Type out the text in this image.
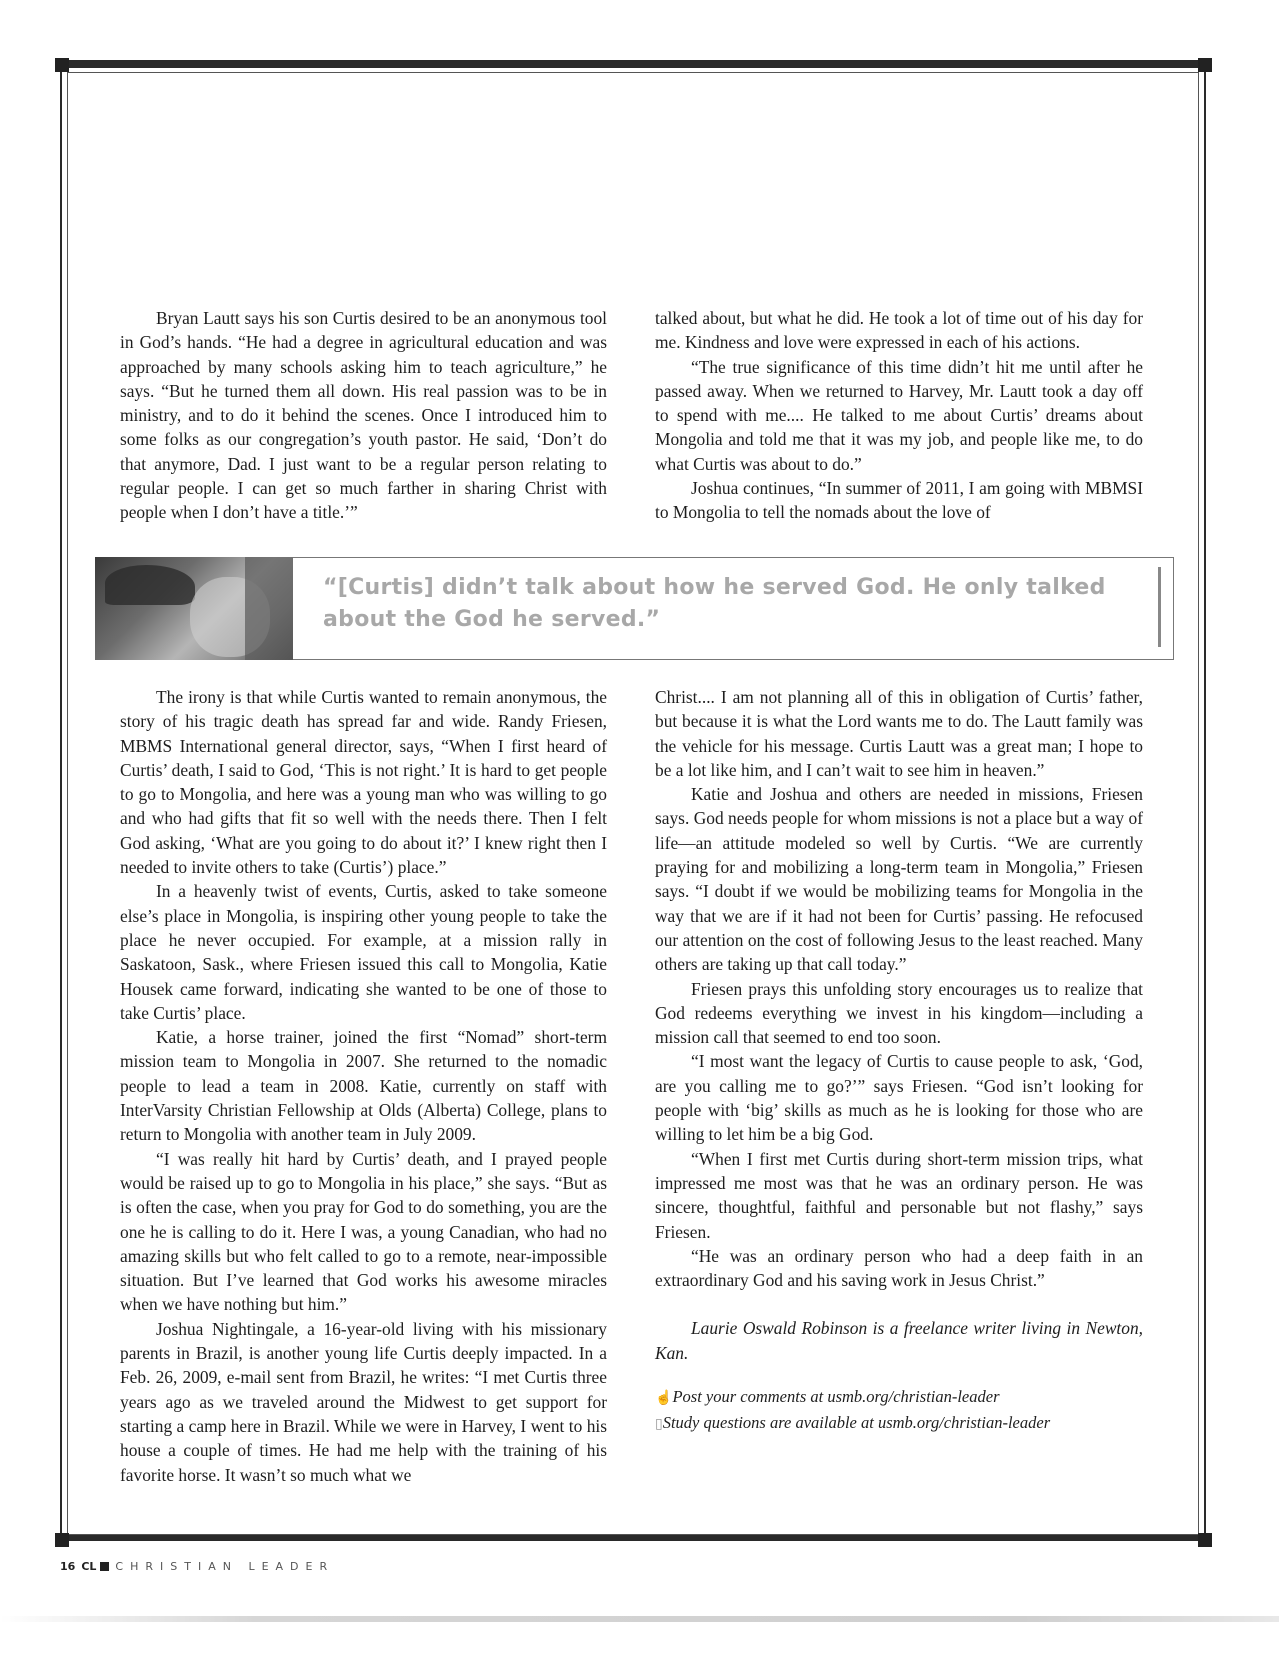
Bryan Lautt says his son Curtis desired to be an anonymous tool in God’s hands. “He had a degree in agricultural education and was approached by many schools asking him to teach agriculture,” he says. “But he turned them all down. His real passion was to be in ministry, and to do it behind the scenes. Once I introduced him to some folks as our congregation’s youth pastor. He said, ‘Don’t do that anymore, Dad. I just want to be a regular person relating to regular people. I can get so much farther in sharing Christ with people when I don’t have a title.’”

talked about, but what he did. He took a lot of time out of his day for me. Kindness and love were expressed in each of his actions.

“The true significance of this time didn’t hit me until after he passed away. When we returned to Harvey, Mr. Lautt took a day off to spend with me.... He talked to me about Curtis’ dreams about Mongolia and told me that it was my job, and people like me, to do what Curtis was about to do.”

Joshua continues, “In summer of 2011, I am going with MBMSI to Mongolia to tell the nomads about the love of

“[Curtis] didn’t talk about how he served God. He only talked about the God he served.”

The irony is that while Curtis wanted to remain anonymous, the story of his tragic death has spread far and wide. Randy Friesen, MBMS International general director, says, “When I first heard of Curtis’ death, I said to God, ‘This is not right.’ It is hard to get people to go to Mongolia, and here was a young man who was willing to go and who had gifts that fit so well with the needs there. Then I felt God asking, ‘What are you going to do about it?’ I knew right then I needed to invite others to take (Curtis’) place.”

In a heavenly twist of events, Curtis, asked to take someone else’s place in Mongolia, is inspiring other young people to take the place he never occupied. For example, at a mission rally in Saskatoon, Sask., where Friesen issued this call to Mongolia, Katie Housek came forward, indicating she wanted to be one of those to take Curtis’ place.

Katie, a horse trainer, joined the first “Nomad” short-term mission team to Mongolia in 2007. She returned to the nomadic people to lead a team in 2008. Katie, currently on staff with InterVarsity Christian Fellowship at Olds (Alberta) College, plans to return to Mongolia with another team in July 2009.

“I was really hit hard by Curtis’ death, and I prayed people would be raised up to go to Mongolia in his place,” she says. “But as is often the case, when you pray for God to do something, you are the one he is calling to do it. Here I was, a young Canadian, who had no amazing skills but who felt called to go to a remote, near-impossible situation. But I’ve learned that God works his awesome miracles when we have nothing but him.”

Joshua Nightingale, a 16-year-old living with his missionary parents in Brazil, is another young life Curtis deeply impacted. In a Feb. 26, 2009, e-mail sent from Brazil, he writes: “I met Curtis three years ago as we traveled around the Midwest to get support for starting a camp here in Brazil. While we were in Harvey, I went to his house a couple of times. He had me help with the training of his favorite horse. It wasn’t so much what we

Christ.... I am not planning all of this in obligation of Curtis’ father, but because it is what the Lord wants me to do. The Lautt family was the vehicle for his message. Curtis Lautt was a great man; I hope to be a lot like him, and I can’t wait to see him in heaven.”

Katie and Joshua and others are needed in missions, Friesen says. God needs people for whom missions is not a place but a way of life—an attitude modeled so well by Curtis. “We are currently praying for and mobilizing a long-term team in Mongolia,” Friesen says. “I doubt if we would be mobilizing teams for Mongolia in the way that we are if it had not been for Curtis’ passing. He refocused our attention on the cost of following Jesus to the least reached. Many others are taking up that call today.”

Friesen prays this unfolding story encourages us to realize that God redeems everything we invest in his kingdom—including a mission call that seemed to end too soon.

“I most want the legacy of Curtis to cause people to ask, ‘God, are you calling me to go?’” says Friesen. “God isn’t looking for people with ‘big’ skills as much as he is looking for those who are willing to let him be a big God.

“When I first met Curtis during short-term mission trips, what impressed me most was that he was an ordinary person. He was sincere, thoughtful, faithful and personable but not flashy,” says Friesen.

“He was an ordinary person who had a deep faith in an extraordinary God and his saving work in Jesus Christ.”

Laurie Oswald Robinson is a freelance writer living in Newton, Kan.

☝Post your comments at usmb.org/christian-leader
▯Study questions are available at usmb.org/christian-leader
16 CL CHRISTIAN LEADER
